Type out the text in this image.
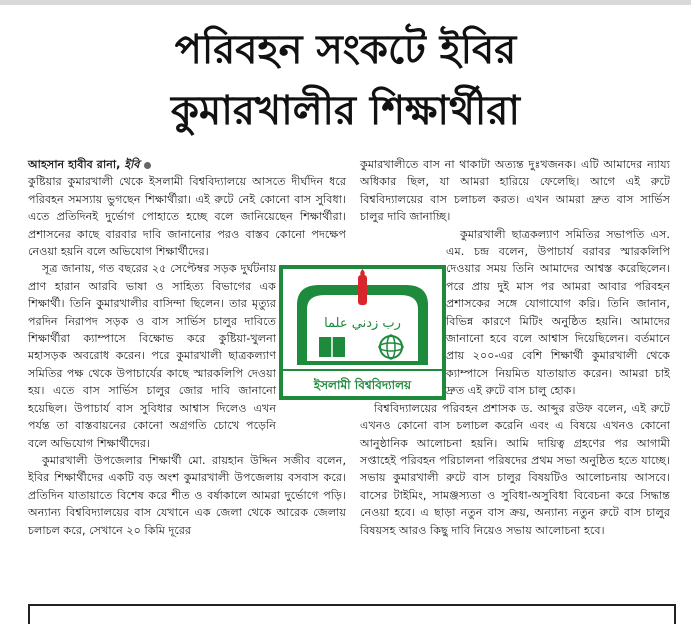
পরিবহন সংকটে ইবির
কুমারখালীর শিক্ষার্থীরা

আহসান হাবীব রানা, ইবি

কুষ্টিয়ার কুমারখালী থেকে ইসলামী বিশ্ববিদ্যালয়ে আসতে দীর্ঘদিন ধরে পরিবহন সমস্যায় ভুগছেন শিক্ষার্থীরা। এই রুটে নেই কোনো বাস সুবিধা। এতে প্রতিদিনই দুর্ভোগ পোহাতে হচ্ছে বলে জানিয়েছেন শিক্ষার্থীরা। প্রশাসনের কাছে বারবার দাবি জানানোর পরও বাস্তব কোনো পদক্ষেপ নেওয়া হয়নি বলে অভিযোগ শিক্ষার্থীদের।

সূত্র জানায়, গত বছরের ২৫ সেপ্টেম্বর সড়ক দুর্ঘটনায় প্রাণ হারান আরবি ভাষা ও সাহিত্য বিভাগের এক শিক্ষার্থী। তিনি কুমারখালীর বাসিন্দা ছিলেন। তার মৃত্যুর পরদিন নিরাপদ সড়ক ও বাস সার্ভিস চালুর দাবিতে শিক্ষার্থীরা ক্যাম্পাসে বিক্ষোভ করে কুষ্টিয়া-খুলনা মহাসড়ক অবরোধ করেন। পরে কুমারখালী ছাত্রকল্যাণ সমিতির পক্ষ থেকে উপাচার্যের কাছে স্মারকলিপি দেওয়া হয়। এতে বাস সার্ভিস চালুর জোর দাবি জানানো হয়েছিল। উপাচার্য বাস সুবিধার আশ্বাস দিলেও এখন পর্যন্ত তা বাস্তবায়নের কোনো অগ্রগতি চোখে পড়েনি বলে অভিযোগ শিক্ষার্থীদের।

কুমারখালী উপজেলার শিক্ষার্থী মো. রায়হান উদ্দিন সজীব বলেন, ইবির শিক্ষার্থীদের একটি বড় অংশ কুমারখালী উপজেলায় বসবাস করে। প্রতিদিন যাতায়াতে বিশেষ করে শীত ও বর্ষাকালে আমরা দুর্ভোগে পড়ি। অন্যান্য বিশ্ববিদ্যালয়ের বাস যেখানে এক জেলা থেকে আরেক জেলায় চলাচল করে, সেখানে ২০ কিমি দূরের

কুমারখালীতে বাস না থাকাটা অত্যন্ত দুঃখজনক। এটি আমাদের ন্যায্য অধিকার ছিল, যা আমরা হারিয়ে ফেলেছি। আগে এই রুটে বিশ্ববিদ্যালয়ের বাস চলাচল করত। এখন আমরা দ্রুত বাস সার্ভিস চালুর দাবি জানাচ্ছি।

কুমারখালী ছাত্রকল্যাণ সমিতির সভাপতি এস. এম. চন্দ্র বলেন, উপাচার্য বরাবর স্মারকলিপি দেওয়ার সময় তিনি আমাদের আশ্বস্ত করেছিলেন। পরে প্রায় দুই মাস পর আমরা আবার পরিবহন প্রশাসকের সঙ্গে যোগাযোগ করি। তিনি জানান, বিভিন্ন কারণে মিটিং অনুষ্ঠিত হয়নি। আমাদের জানানো হবে বলে আশ্বাস দিয়েছিলেন। বর্তমানে প্রায় ২০০-এর বেশি শিক্ষার্থী কুমারখালী থেকে ক্যাম্পাসে নিয়মিত যাতায়াত করেন। আমরা চাই দ্রুত এই রুটে বাস চালু হোক।

বিশ্ববিদ্যালয়ের পরিবহন প্রশাসক ড. আব্দুর রউফ বলেন, এই রুটে এখনও কোনো বাস চলাচল করেনি এবং এ বিষয়ে এখনও কোনো আনুষ্ঠানিক আলোচনা হয়নি। আমি দায়িত্ব গ্রহণের পর আগামী সপ্তাহেই পরিবহন পরিচালনা পরিষদের প্রথম সভা অনুষ্ঠিত হতে যাচ্ছে। সভায় কুমারখালী রুটে বাস চালুর বিষয়টিও আলোচনায় আসবে। বাসের টাইমিং, সামঞ্জস্যতা ও সুবিধা-অসুবিধা বিবেচনা করে সিদ্ধান্ত নেওয়া হবে। এ ছাড়া নতুন বাস ক্রয়, অন্যান্য নতুন রুটে বাস চালুর বিষয়সহ আরও কিছু দাবি নিয়েও সভায় আলোচনা হবে।

رب زدني علما
ইসলামী বিশ্ববিদ্যালয়
